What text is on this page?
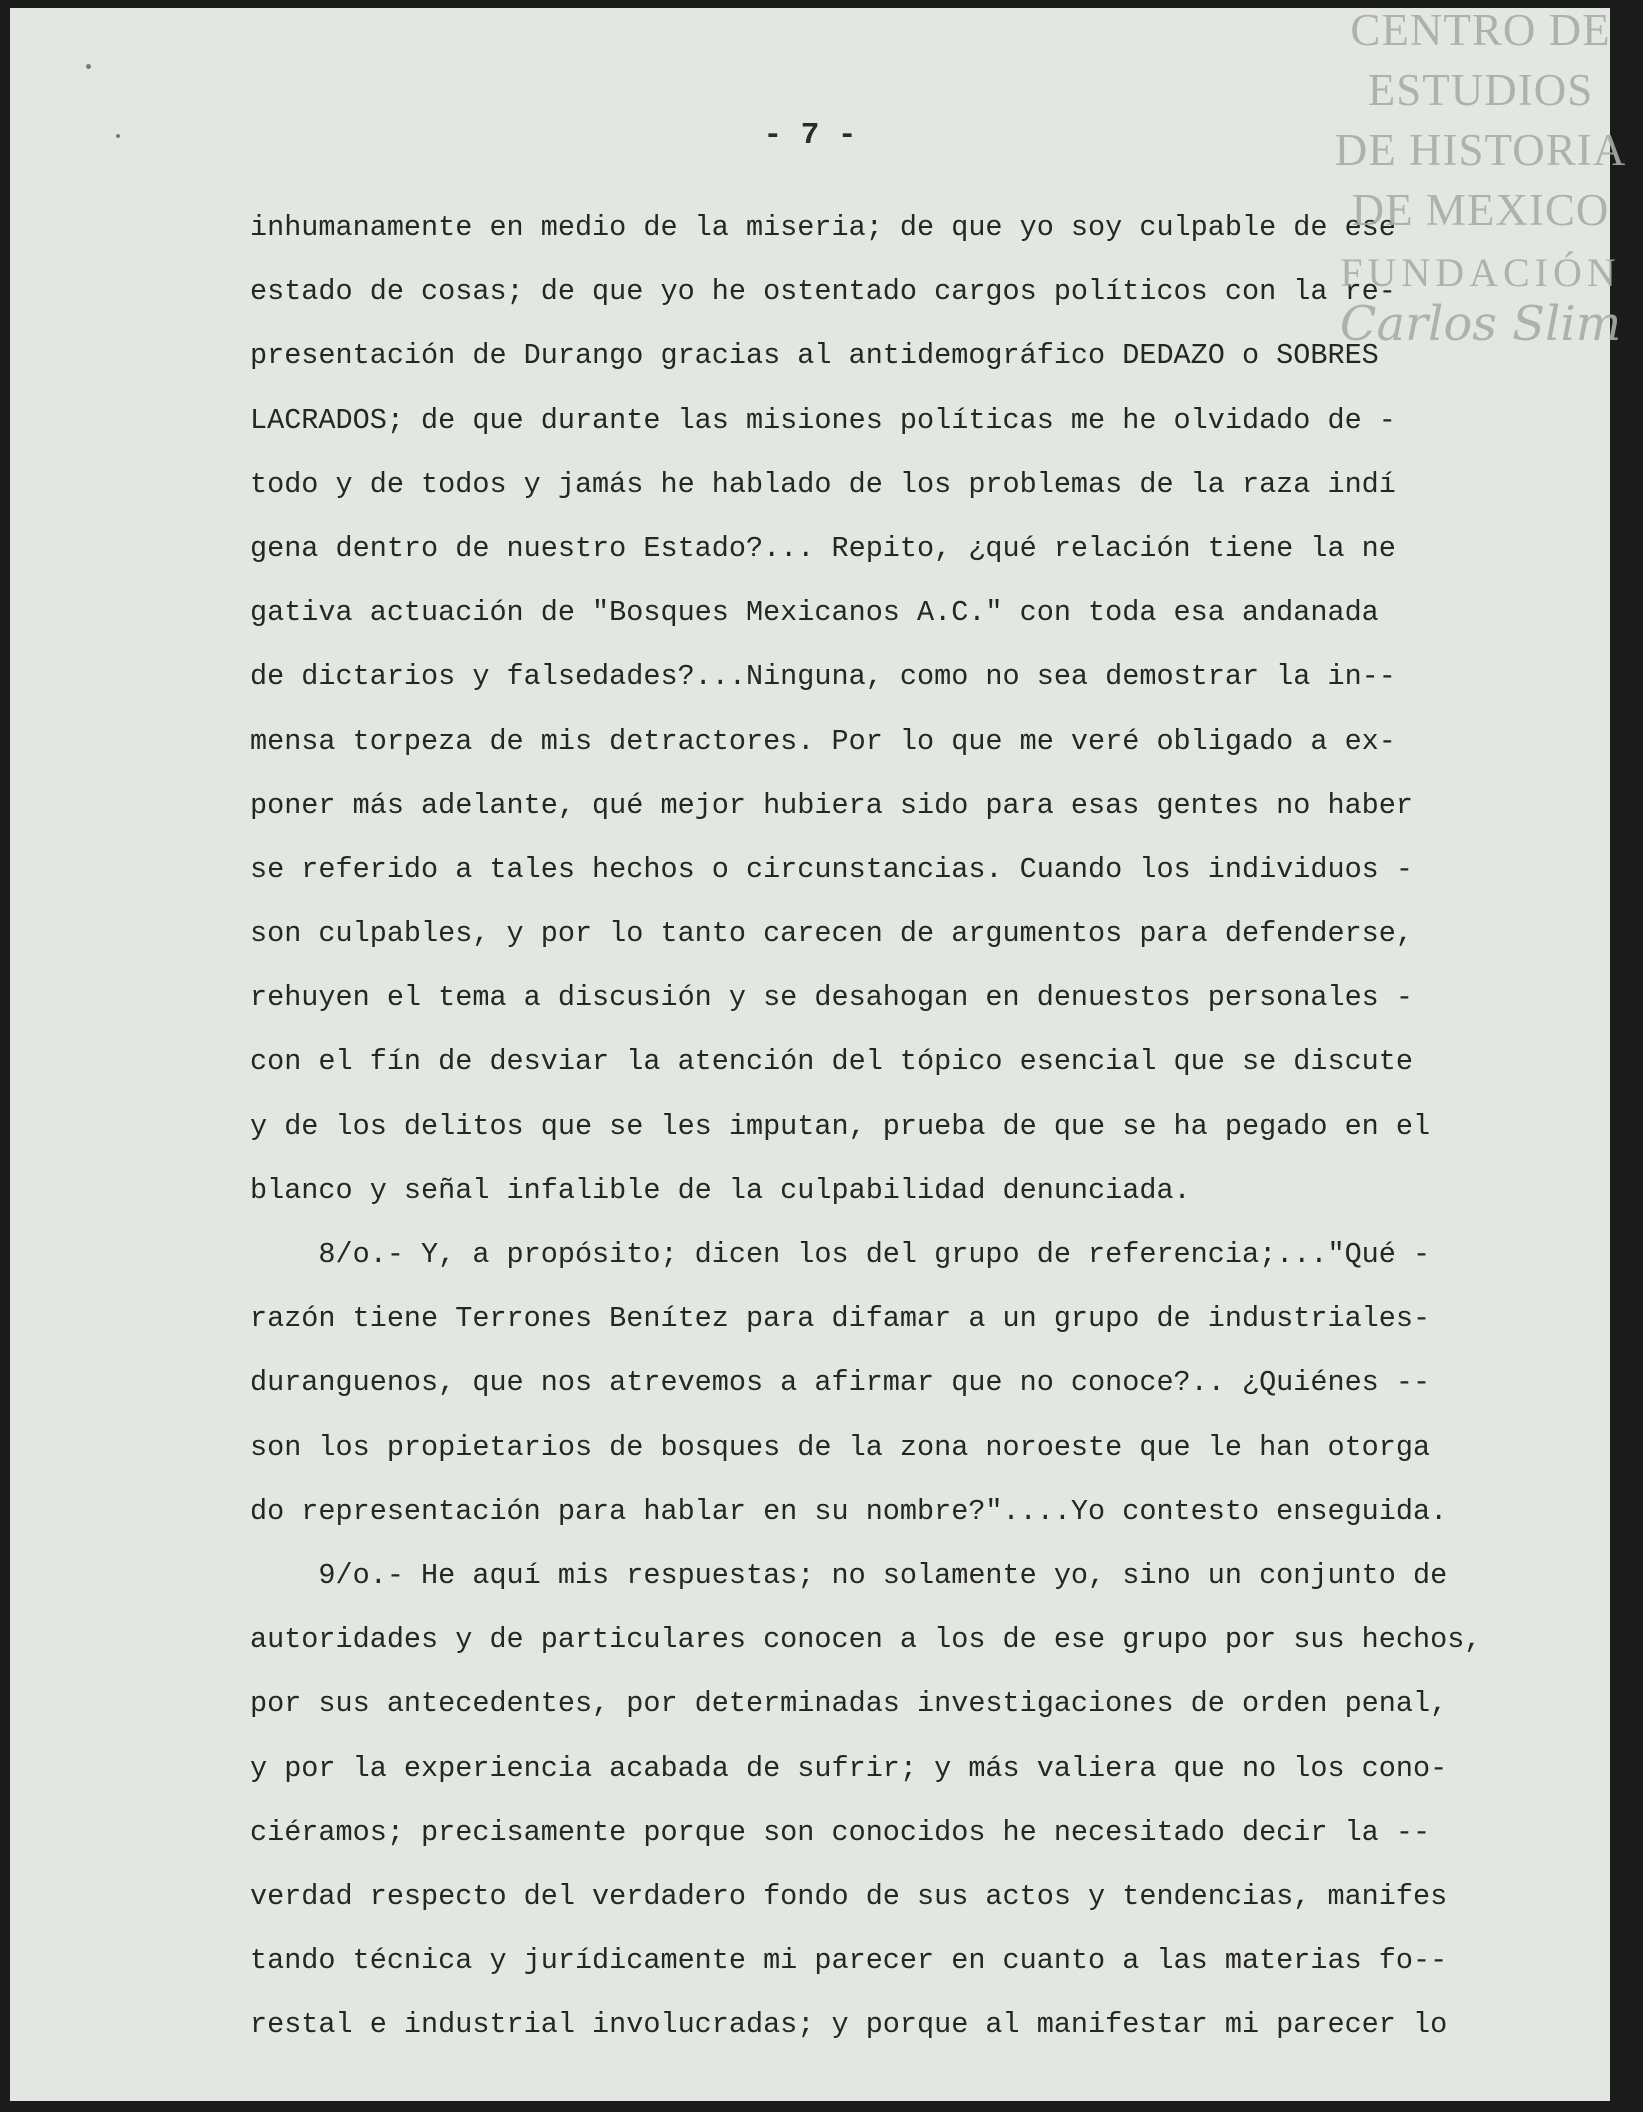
- 7 -
inhumanamente en medio de la miseria; de que yo soy culpable de ese
estado de cosas; de que yo he ostentado cargos políticos con la re-
presentación de Durango gracias al antidemográfico DEDAZO o SOBRES
LACRADOS; de que durante las misiones políticas me he olvidado de -
todo y de todos y jamás he hablado de los problemas de la raza indí
gena dentro de nuestro Estado?... Repito, ¿qué relación tiene la ne
gativa actuación de "Bosques Mexicanos A.C." con toda esa andanada
de dictarios y falsedades?...Ninguna, como no sea demostrar la in--
mensa torpeza de mis detractores. Por lo que me veré obligado a ex-
poner más adelante, qué mejor hubiera sido para esas gentes no haber
se referido a tales hechos o circunstancias. Cuando los individuos -
son culpables, y por lo tanto carecen de argumentos para defenderse,
rehuyen el tema a discusión y se desahogan en denuestos personales -
con el fín de desviar la atención del tópico esencial que se discute
y de los delitos que se les imputan, prueba de que se ha pegado en el
blanco y señal infalible de la culpabilidad denunciada.
8/o.- Y, a propósito; dicen los del grupo de referencia;..."Qué -
razón tiene Terrones Benítez para difamar a un grupo de industriales-
duranguenos, que nos atrevemos a afirmar que no conoce?.. ¿Quiénes --
son los propietarios de bosques de la zona noroeste que le han otorga
do representación para hablar en su nombre?"....Yo contesto enseguida.
9/o.- He aquí mis respuestas; no solamente yo, sino un conjunto de
autoridades y de particulares conocen a los de ese grupo por sus hechos,
por sus antecedentes, por determinadas investigaciones de orden penal,
y por la experiencia acabada de sufrir; y más valiera que no los cono-
ciéramos; precisamente porque son conocidos he necesitado decir la --
verdad respecto del verdadero fondo de sus actos y tendencias, manifes
tando técnica y jurídicamente mi parecer en cuanto a las materias fo--
restal e industrial involucradas; y porque al manifestar mi parecer lo
CENTRO DE
ESTUDIOS
DE HISTORIA
DE MEXICO
FUNDACIÓN
Carlos Slim
